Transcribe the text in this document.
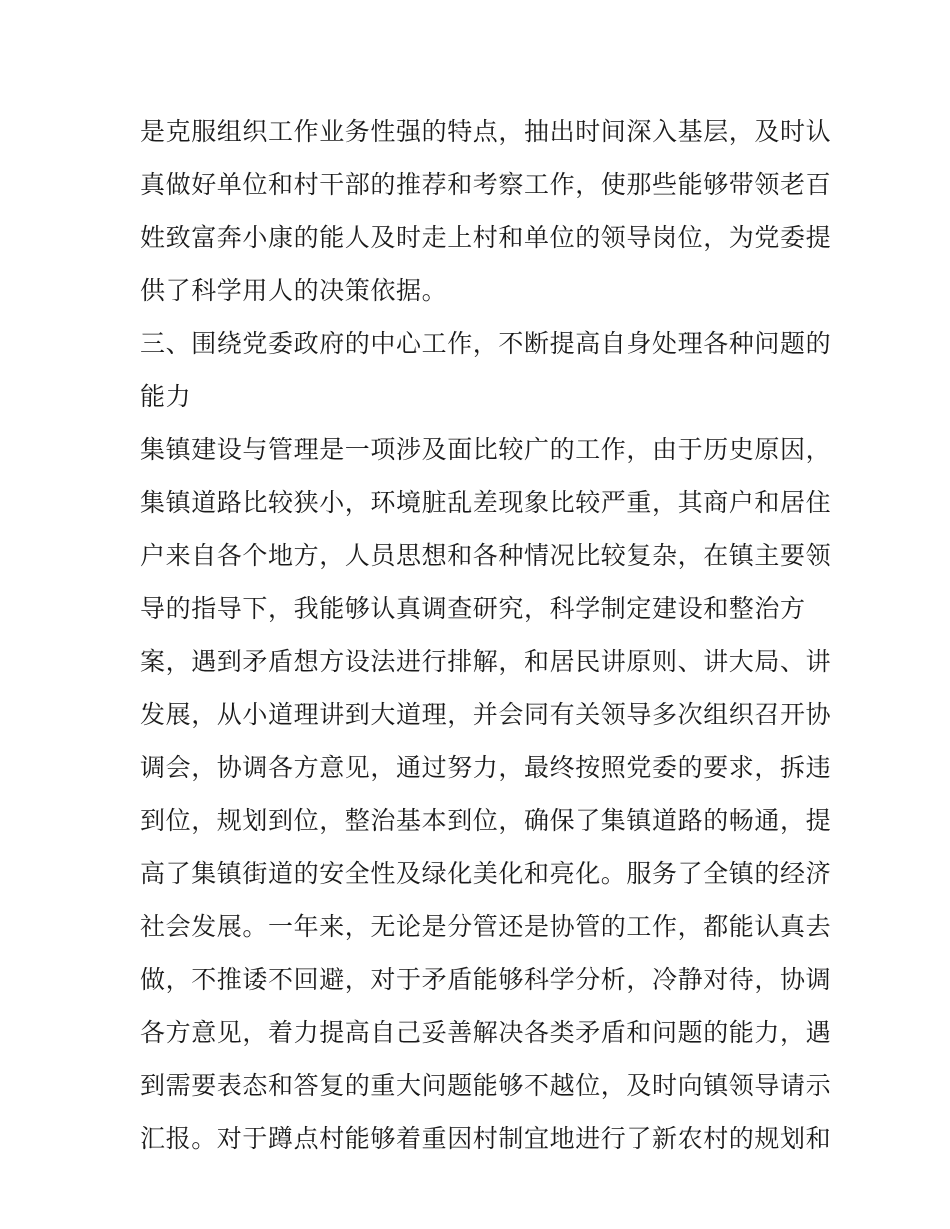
是克服组织工作业务性强的特点，抽出时间深入基层，及时认
真做好单位和村干部的推荐和考察工作，使那些能够带领老百
姓致富奔小康的能人及时走上村和单位的领导岗位，为党委提
供了科学用人的决策依据。
三、围绕党委政府的中心工作，不断提高自身处理各种问题的
能力
集镇建设与管理是一项涉及面比较广的工作，由于历史原因，
集镇道路比较狭小，环境脏乱差现象比较严重，其商户和居住
户来自各个地方，人员思想和各种情况比较复杂，在镇主要领
导的指导下，我能够认真调查研究，科学制定建设和整治方
案，遇到矛盾想方设法进行排解，和居民讲原则、讲大局、讲
发展，从小道理讲到大道理，并会同有关领导多次组织召开协
调会，协调各方意见，通过努力，最终按照党委的要求，拆违
到位，规划到位，整治基本到位，确保了集镇道路的畅通，提
高了集镇街道的安全性及绿化美化和亮化。服务了全镇的经济
社会发展。一年来，无论是分管还是协管的工作，都能认真去
做，不推诿不回避，对于矛盾能够科学分析，冷静对待，协调
各方意见，着力提高自己妥善解决各类矛盾和问题的能力，遇
到需要表态和答复的重大问题能够不越位，及时向镇领导请示
汇报。对于蹲点村能够着重因村制宜地进行了新农村的规划和
